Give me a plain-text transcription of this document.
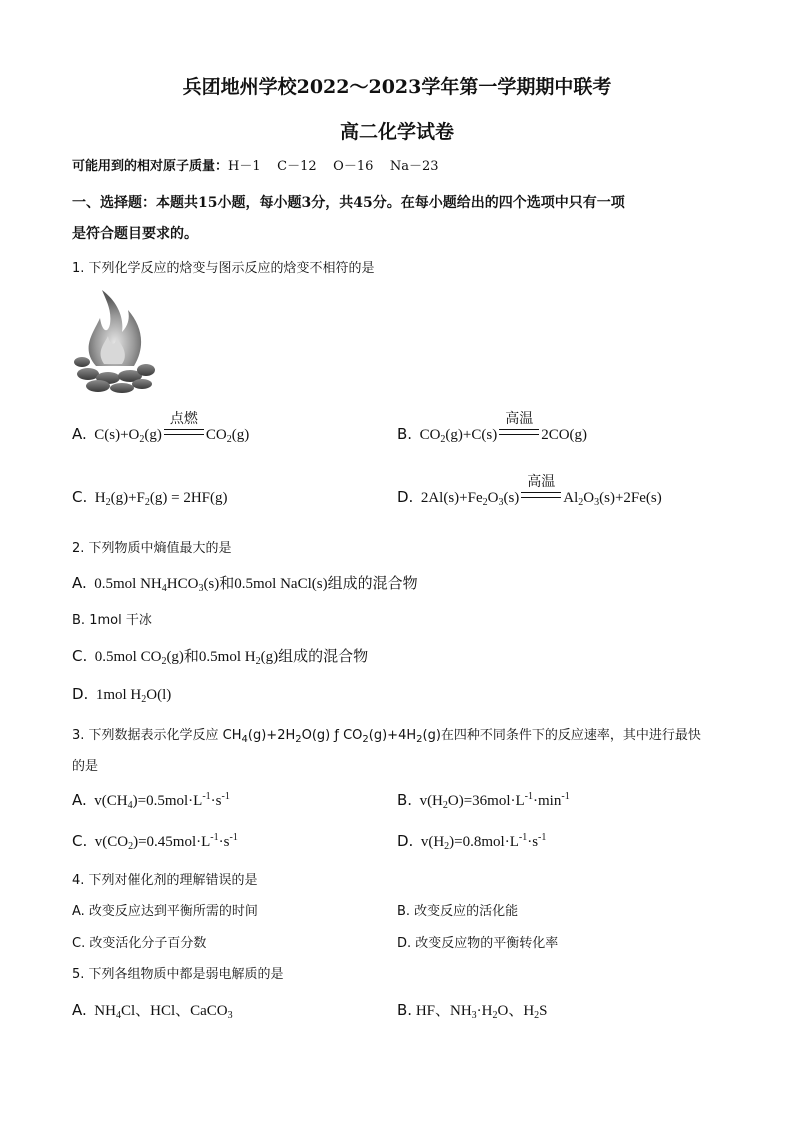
兵团地州学校2022～2023学年第一学期期中联考
高二化学试卷
可能用到的相对原子质量：H－1    C－12    O－16    Na－23
一、选择题：本题共15小题，每小题3分，共45分。在每小题给出的四个选项中只有一项
是符合题目要求的。
1. 下列化学反应的焓变与图示反应的焓变不相符的是
A. $C(s)+O_2(g)$
点燃
$CO_2(g)$	B. $CO_2(g)+C(s)$
高温
2CO(g)
C. $H_2(g)+F_2(g) = 2HF(g)$	D. $2Al(s)+Fe_2O_3(s)$
高温
$Al_2O_3(s)+2Fe(s)$
2. 下列物质中熵值最大的是
A. 0.5mol $NH_4HCO_3(s)$和0.5mol NaCl(s)组成的混合物
B. 1mol 干冰
C. 0.5mol $CO_2(g)$和0.5mol $H_2(g)$组成的混合物
D. 1mol $H_2O(l)$
3. 下列数据表示化学反应 $CH_4(g)+2H_2O(g)$ ƒ $CO_2(g)+4H_2(g)$在四种不同条件下的反应速率，其中进行最快
的是
A. $v(CH_4)=0.5mol\cdot L^{-1}\cdot s^{-1}$	B. $v(H_2O)=36mol\cdot L^{-1}\cdot\min^{-1}$
C. $v(CO_2)=0.45mol\cdot L^{-1}\cdot s^{-1}$	D. $v(H_2)=0.8mol\cdot L^{-1}\cdot s^{-1}$
4. 下列对催化剂的理解错误的是
A. 改变反应达到平衡所需的时间	B. 改变反应的活化能
C. 改变活化分子百分数	D. 改变反应物的平衡转化率
5. 下列各组物质中都是弱电解质的是
A. $NH_4Cl$、HCl、CaCO$_3$	B. HF、$NH_3\cdot H_2O$、$H_2S$
